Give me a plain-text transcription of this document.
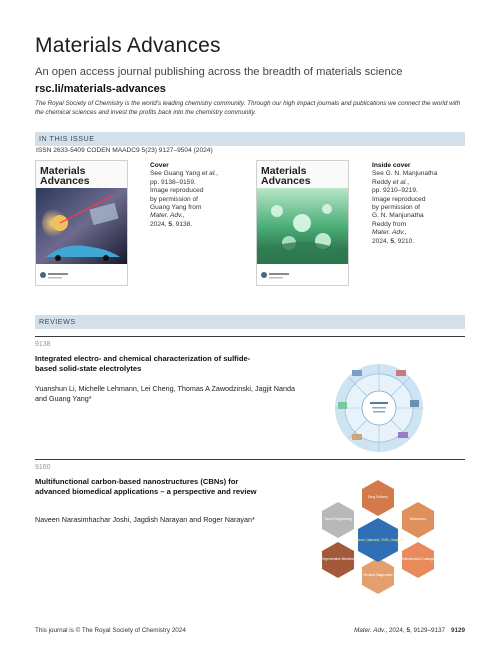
Materials Advances
An open access journal publishing across the breadth of materials science
rsc.li/materials-advances
The Royal Society of Chemistry is the world's leading chemistry community. Through our high impact journals and publications we connect the world with the chemical sciences and invest the profits back into the chemistry community.
IN THIS ISSUE
ISSN 2633-5409 CODEN MAADC9 5(23) 9127–9504 (2024)
Materials
Advances
Cover
See Guang Yang et al.,
pp. 9138–9159.
Image reproduced
by permission of
Guang Yang from
Mater. Adv.,
2024, 5, 9138.
Materials
Advances
Inside cover
See G. N. Manjunatha
Reddy et al.,
pp. 9210–9219.
Image reproduced
by permission of
G. N. Manjunatha
Reddy from
Mater. Adv.,
2024, 5, 9210.
REVIEWS
9138
Integrated electro- and chemical characterization of sulfide-based solid-state electrolytes
Yuanshun Li, Michelle Lehmann, Lei Cheng, Thomas A Zawodzinski, Jagjit Nanda and Guang Yang*
9160
Multifunctional carbon-based nanostructures (CBNs) for advanced biomedical applications – a perspective and review
Naveen Narasimhachar Joshi, Jagdish Narayan and Roger Narayan*
Drug Delivery
Biosensors
Antimicrobial Coatings
Medical Diagnostics
Regenerative Medicine
Tissue Engineering
Q-carbon, Diamond, CNTs, Graphene
This journal is © The Royal Society of Chemistry 2024	Mater. Adv., 2024, 5, 9129–9137 9129
